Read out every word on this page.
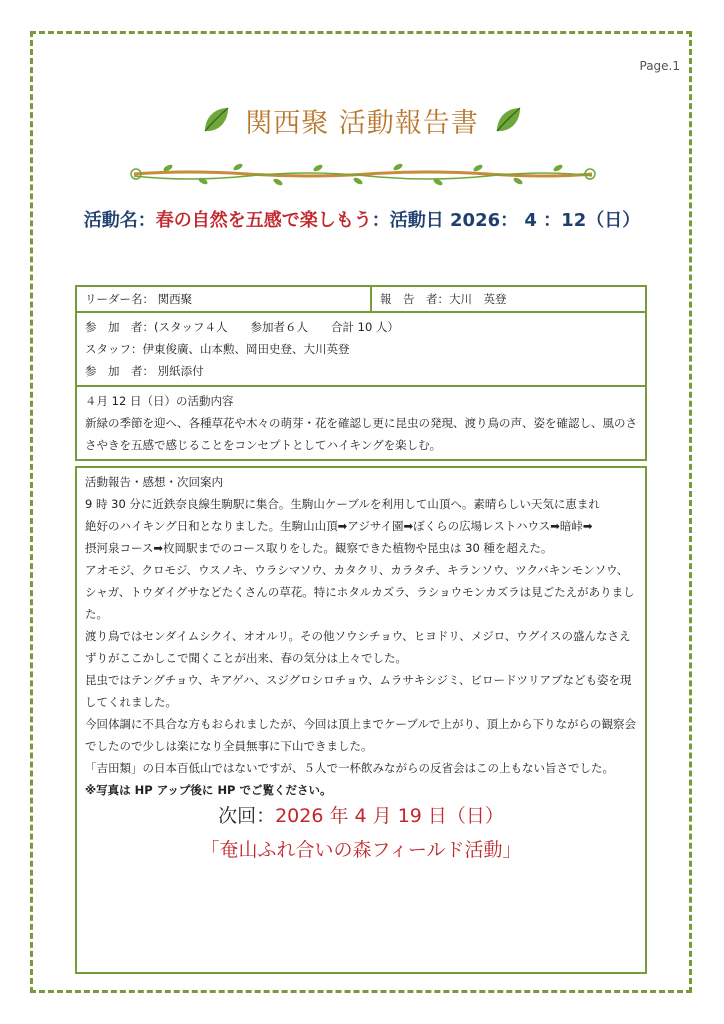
Page.1
関西聚 活動報告書
活動名：春の自然を五感で楽しもう：活動日 2026： 4 ：12（日）
リーダー名： 関西聚	報　告　者：大川　英登
参　加　者：(スタッフ４人　　参加者６人　　合計 10 人）
スタッフ：伊東俊廣、山本勲、岡田史登、大川英登
参　加　者： 別紙添付
４月 12 日（日）の活動内容
新緑の季節を迎へ、各種草花や木々の萌芽・花を確認し更に昆虫の発現、渡り鳥の声、姿を確認し、風のささやきを五感で感じることをコンセプトとしてハイキングを楽しむ。

活動報告・感想・次回案内

9 時 30 分に近鉄奈良線生駒駅に集合。生駒山ケーブルを利用して山頂へ。素晴らしい天気に恵まれ

絶好のハイキング日和となりました。生駒山山頂➡アジサイ園➡ぼくらの広場レストハウス➡暗峠➡

摂河泉コース➡枚岡駅までのコース取りをした。観察できた植物や昆虫は 30 種を超えた。

アオモジ、クロモジ、ウスノキ、ウラシマソウ、カタクリ、カラタチ、キランソウ、ツクバキンモンソウ、シャガ、トウダイグサなどたくさんの草花。特にホタルカズラ、ラショウモンカズラは見ごたえがありました。

渡り鳥ではセンダイムシクイ、オオルリ。その他ソウシチョウ、ヒヨドリ、メジロ、ウグイスの盛んなさえずりがここかしこで聞くことが出来、春の気分は上々でした。

昆虫ではテングチョウ、キアゲハ、スジグロシロチョウ、ムラサキシジミ、ビロードツリアブなども姿を現してくれました。

今回体調に不具合な方もおられましたが、今回は頂上までケーブルで上がり、頂上から下りながらの観察会でしたので少しは楽になり全員無事に下山できました。

「吉田類」の日本百低山ではないですが、５人で一杯飲みながらの反省会はこの上もない旨さでした。

※写真は HP アップ後に HP でご覧ください。

次回：2026 年 4 月 19 日（日）
「奄山ふれ合いの森フィールド活動」
